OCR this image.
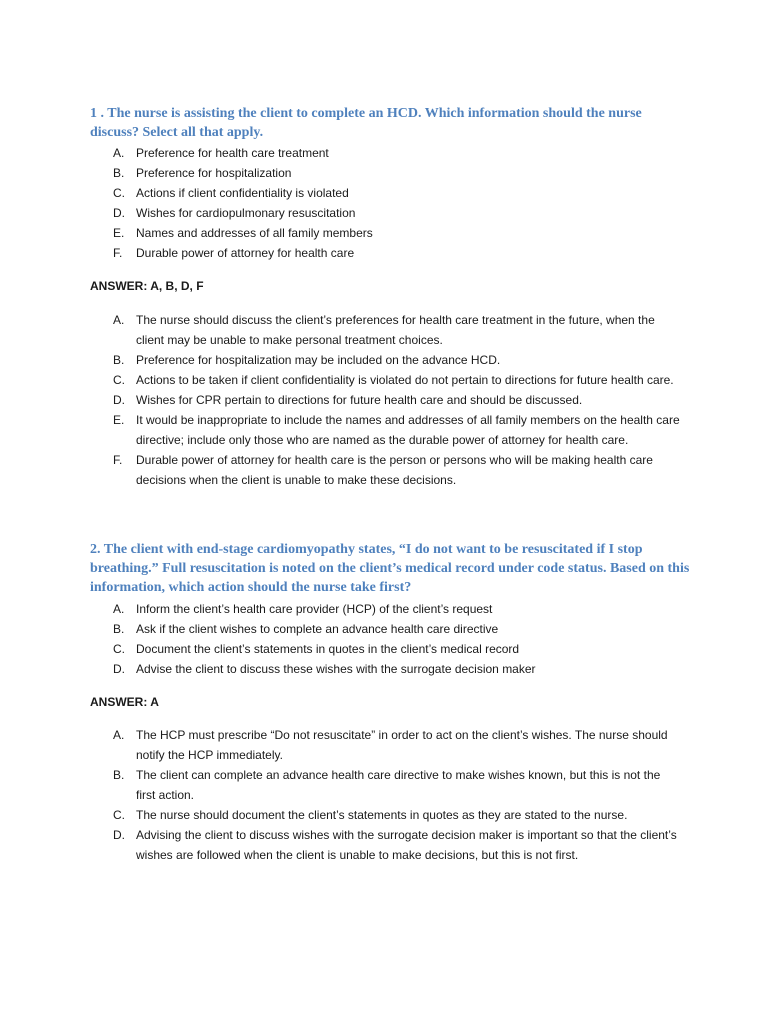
1 . The nurse is assisting the client to complete an HCD. Which information should the nurse discuss? Select all that apply.

A. Preference for health care treatment
B. Preference for hospitalization
C. Actions if client confidentiality is violated
D. Wishes for cardiopulmonary resuscitation
E. Names and addresses of all family members
F. Durable power of attorney for health care

ANSWER: A, B, D, F

A. The nurse should discuss the client’s preferences for health care treatment in the future, when the client may be unable to make personal treatment choices.
B. Preference for hospitalization may be included on the advance HCD.
C. Actions to be taken if client confidentiality is violated do not pertain to directions for future health care.
D. Wishes for CPR pertain to directions for future health care and should be discussed.
E. It would be inappropriate to include the names and addresses of all family members on the health care directive; include only those who are named as the durable power of attorney for health care.
F. Durable power of attorney for health care is the person or persons who will be making health care decisions when the client is unable to make these decisions.

2. The client with end-stage cardiomyopathy states, “I do not want to be resuscitated if I stop breathing.” Full resuscitation is noted on the client’s medical record under code status. Based on this information, which action should the nurse take first?

A. Inform the client’s health care provider (HCP) of the client’s request
B. Ask if the client wishes to complete an advance health care directive
C. Document the client’s statements in quotes in the client’s medical record
D. Advise the client to discuss these wishes with the surrogate decision maker

ANSWER: A

A. The HCP must prescribe “Do not resuscitate” in order to act on the client’s wishes. The nurse should notify the HCP immediately.
B. The client can complete an advance health care directive to make wishes known, but this is not the first action.
C. The nurse should document the client’s statements in quotes as they are stated to the nurse.
D. Advising the client to discuss wishes with the surrogate decision maker is important so that the client’s wishes are followed when the client is unable to make decisions, but this is not first.
